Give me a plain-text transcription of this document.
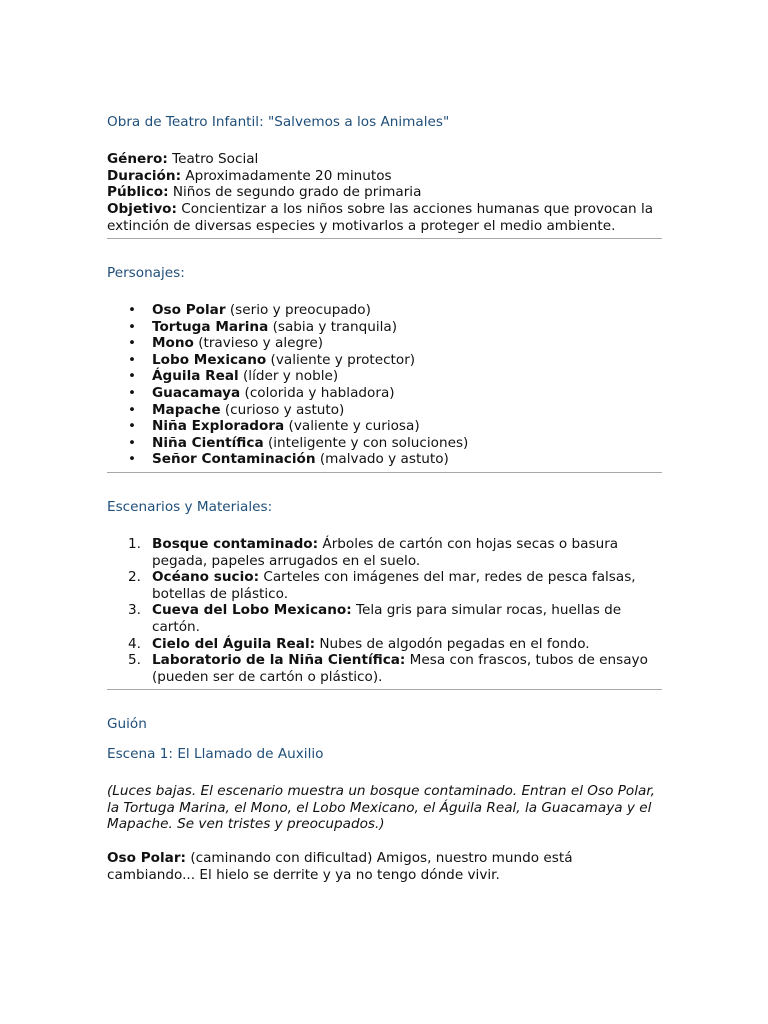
Obra de Teatro Infantil: "Salvemos a los Animales"

Género: Teatro Social

Duración: Aproximadamente 20 minutos

Público: Niños de segundo grado de primaria

Objetivo: Concientizar a los niños sobre las acciones humanas que provocan la extinción de diversas especies y motivarlos a proteger el medio ambiente.

Personajes:
• Oso Polar (serio y preocupado)
• Tortuga Marina (sabia y tranquila)
• Mono (travieso y alegre)
• Lobo Mexicano (valiente y protector)
• Águila Real (líder y noble)
• Guacamaya (colorida y habladora)
• Mapache (curioso y astuto)
• Niña Exploradora (valiente y curiosa)
• Niña Científica (inteligente y con soluciones)
• Señor Contaminación (malvado y astuto)
Escenarios y Materiales:
1. Bosque contaminado: Árboles de cartón con hojas secas o basura pegada, papeles arrugados en el suelo.
2. Océano sucio: Carteles con imágenes del mar, redes de pesca falsas, botellas de plástico.
3. Cueva del Lobo Mexicano: Tela gris para simular rocas, huellas de cartón.
4. Cielo del Águila Real: Nubes de algodón pegadas en el fondo.
5. Laboratorio de la Niña Científica: Mesa con frascos, tubos de ensayo (pueden ser de cartón o plástico).
Guión
Escena 1: El Llamado de Auxilio

(Luces bajas. El escenario muestra un bosque contaminado. Entran el Oso Polar, la Tortuga Marina, el Mono, el Lobo Mexicano, el Águila Real, la Guacamaya y el Mapache. Se ven tristes y preocupados.)

Oso Polar: (caminando con dificultad) Amigos, nuestro mundo está cambiando... El hielo se derrite y ya no tengo dónde vivir.
